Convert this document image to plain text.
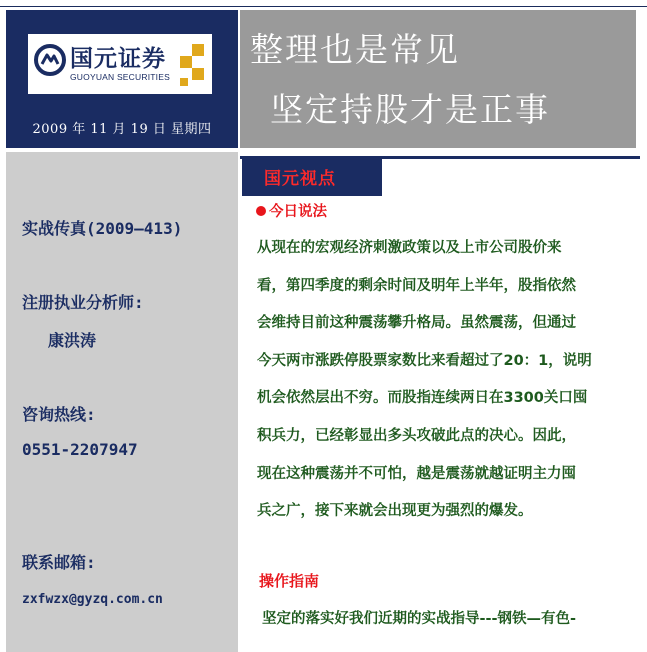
国元证券
GUOYUAN SECURITIES
2009 年 11 月 19 日 星期四
整理也是常见
坚定持股才是正事
实战传真(2009—413)
注册执业分析师:
康洪涛
咨询热线:
0551-2207947
联系邮箱:
zxfwzx@gyzq.com.cn
国元视点
今日说法
从现在的宏观经济刺激政策以及上市公司股价来
看，第四季度的剩余时间及明年上半年，股指依然
会维持目前这种震荡攀升格局。虽然震荡，但通过
今天两市涨跌停股票家数比来看超过了20：1，说明
机会依然层出不穷。而股指连续两日在3300关口囤
积兵力，已经彰显出多头攻破此点的决心。因此，
现在这种震荡并不可怕，越是震荡就越证明主力囤
兵之广，接下来就会出现更为强烈的爆发。
操作指南
坚定的落实好我们近期的实战指导---钢铁—有色-
